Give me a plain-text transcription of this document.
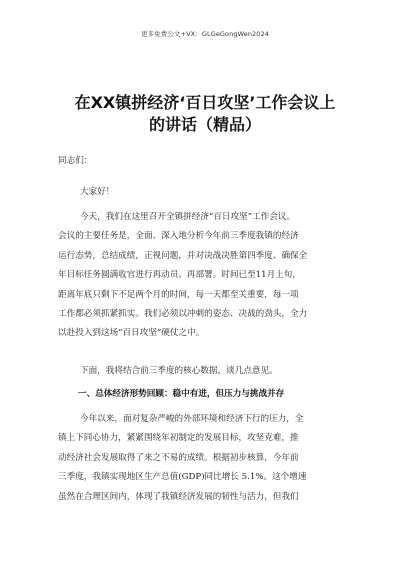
更多免费公文+VX：GLGeGongWen2024
在XX镇拼经济‘百日攻坚’工作会议上
的讲话（精品）
同志们：
大家好！
今天，我们在这里召开全镇拼经济“百日攻坚”工作会议。
会议的主要任务是，全面、深入地分析今年前三季度我镇的经济
运行态势，总结成绩，正视问题，并对决战决胜第四季度、确保全
年目标任务圆满收官进行再动员、再部署。时间已至11月上旬，
距离年底只剩下不足两个月的时间，每一天都至关重要，每一项
工作都必须抓紧抓实。我们必须以冲刺的姿态、决战的劲头，全力
以赴投入到这场“百日攻坚”硬仗之中。
下面，我将结合前三季度的核心数据，谈几点意见。
一、总体经济形势回顾：稳中有进，但压力与挑战并存
今年以来，面对复杂严峻的外部环境和经济下行的压力，全
镇上下同心协力，紧紧围绕年初制定的发展目标，攻坚克难，推
动经济社会发展取得了来之不易的成绩。根据初步核算，今年前
三季度，我镇实现地区生产总值(GDP)同比增长 5.1%。这个增速
虽然在合理区间内，体现了我镇经济发展的韧性与活力，但我们
